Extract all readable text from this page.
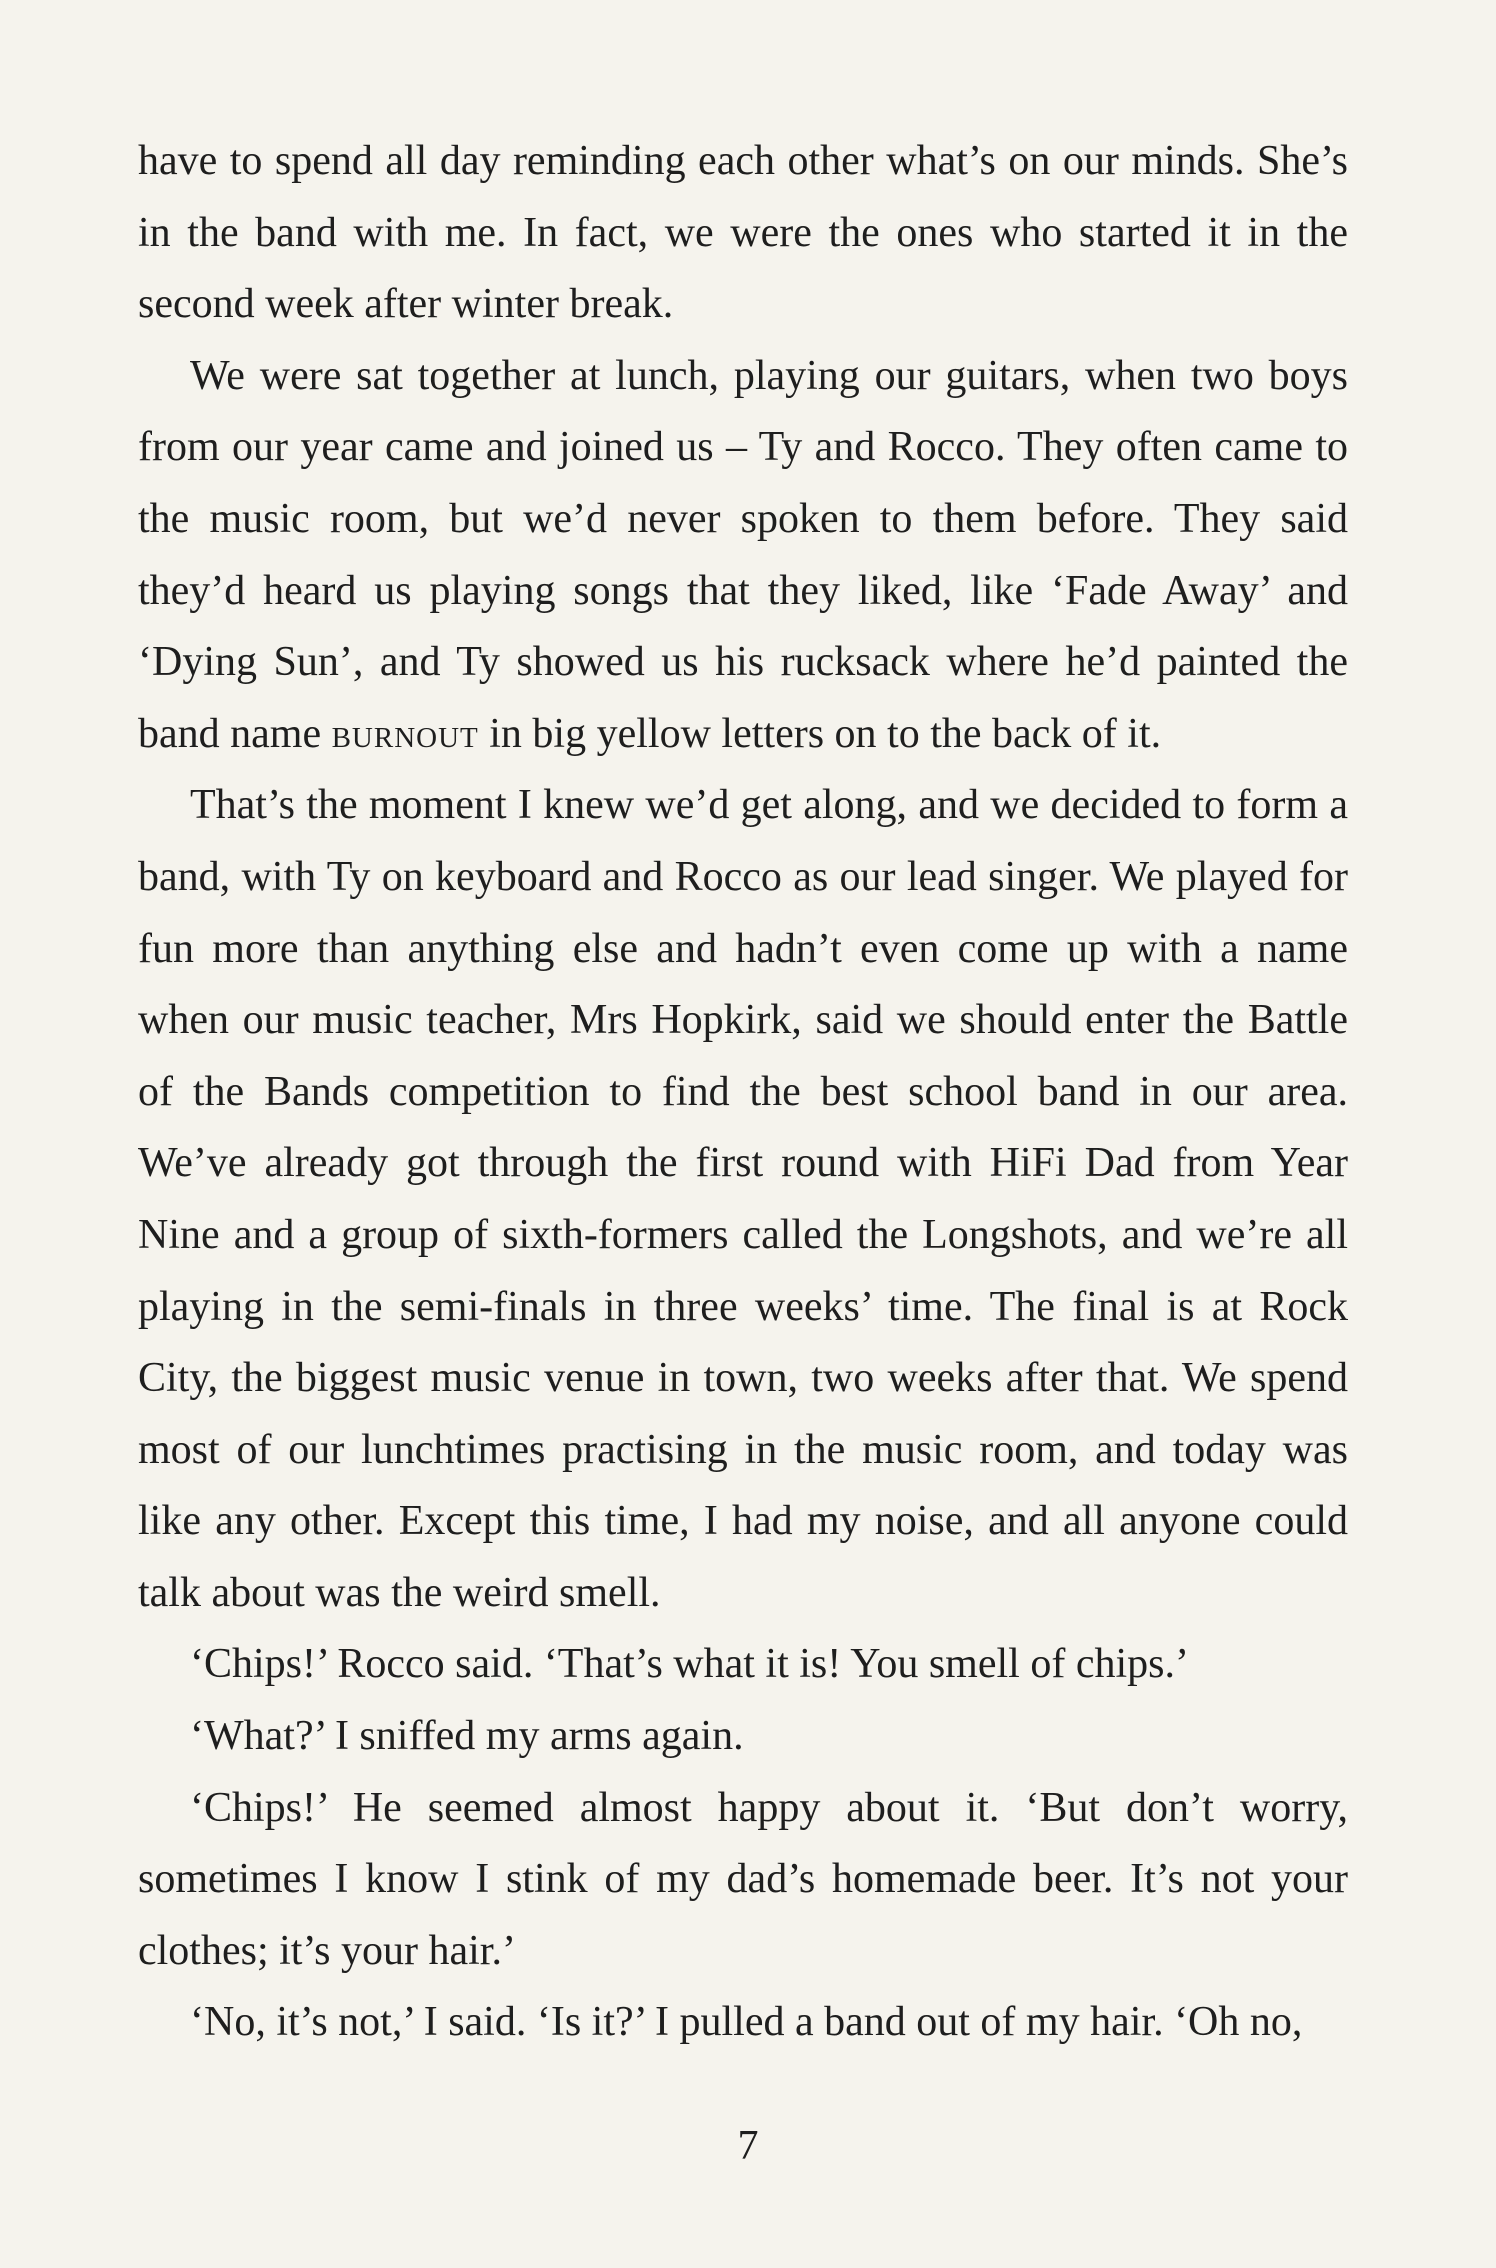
have to spend all day reminding each other what’s on our minds. She’s in the band with me. In fact, we were the ones who started it in the second week after winter break.

We were sat together at lunch, playing our guitars, when two boys from our year came and joined us – Ty and Rocco. They often came to the music room, but we’d never spoken to them before. They said they’d heard us playing songs that they liked, like ‘Fade Away’ and ‘Dying Sun’, and Ty showed us his rucksack where he’d painted the band name burnout in big yellow letters on to the back of it.

That’s the moment I knew we’d get along, and we decided to form a band, with Ty on keyboard and Rocco as our lead singer. We played for fun more than anything else and hadn’t even come up with a name when our music teacher, Mrs Hopkirk, said we should enter the Battle of the Bands competition to find the best school band in our area. We’ve already got through the first round with HiFi Dad from Year Nine and a group of sixth-formers called the Longshots, and we’re all playing in the semi-finals in three weeks’ time. The final is at Rock City, the biggest music venue in town, two weeks after that. We spend most of our lunchtimes practising in the music room, and today was like any other. Except this time, I had my noise, and all anyone could talk about was the weird smell.

‘Chips!’ Rocco said. ‘That’s what it is! You smell of chips.’

‘What?’ I sniffed my arms again.

‘Chips!’ He seemed almost happy about it. ‘But don’t worry, sometimes I know I stink of my dad’s homemade beer. It’s not your clothes; it’s your hair.’

‘No, it’s not,’ I said. ‘Is it?’ I pulled a band out of my hair. ‘Oh no,

7
